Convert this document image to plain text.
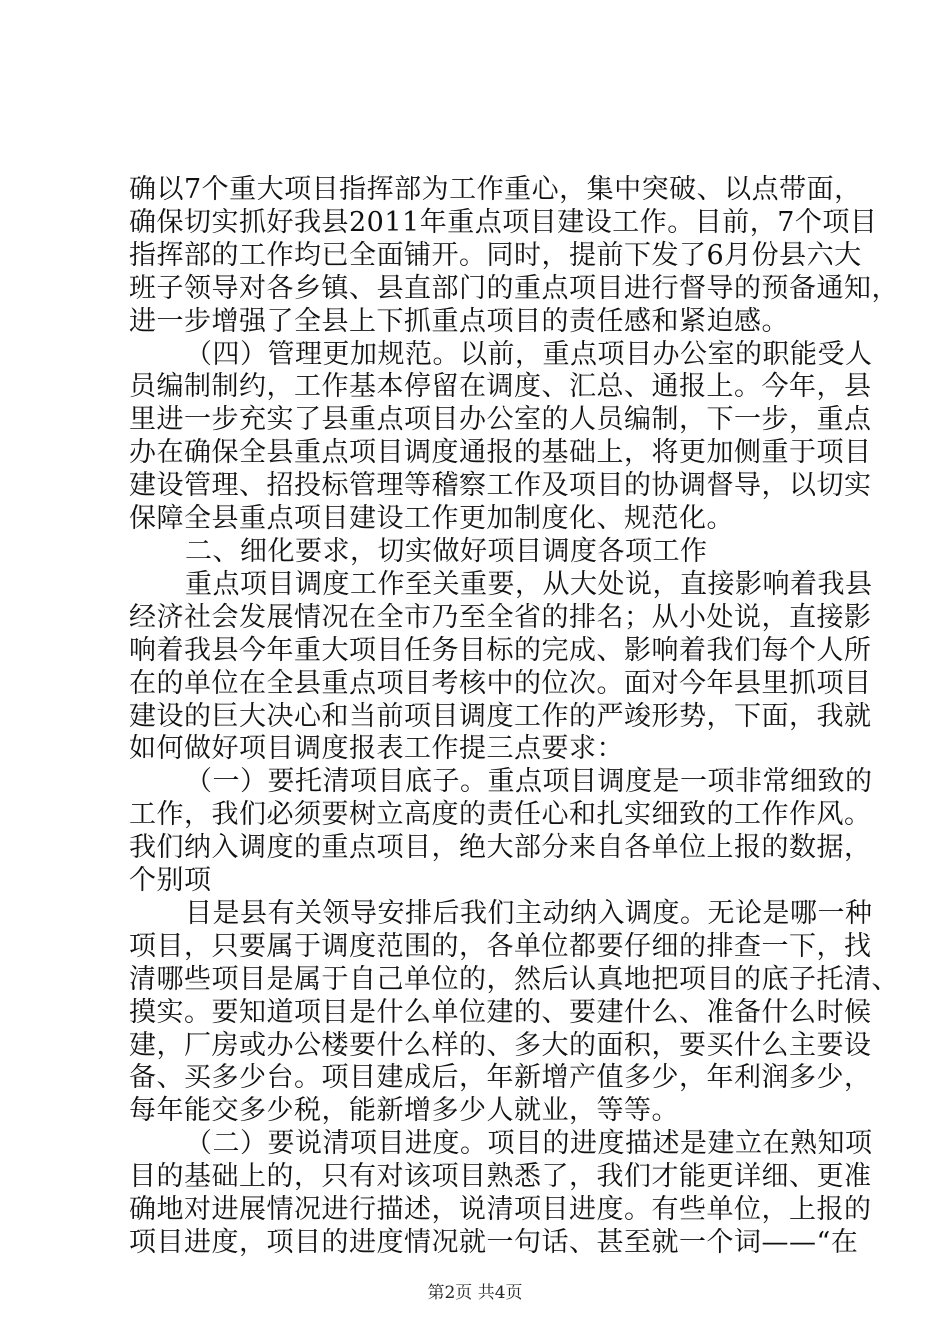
确以7个重大项目指挥部为工作重心，集中突破、以点带面，
确保切实抓好我县2011年重点项目建设工作。目前，7个项目
指挥部的工作均已全面铺开。同时，提前下发了6月份县六大
班子领导对各乡镇、县直部门的重点项目进行督导的预备通知，
进一步增强了全县上下抓重点项目的责任感和紧迫感。
（四）管理更加规范。以前，重点项目办公室的职能受人
员编制制约，工作基本停留在调度、汇总、通报上。今年，县
里进一步充实了县重点项目办公室的人员编制，下一步，重点
办在确保全县重点项目调度通报的基础上，将更加侧重于项目
建设管理、招投标管理等稽察工作及项目的协调督导，以切实
保障全县重点项目建设工作更加制度化、规范化。
二、细化要求，切实做好项目调度各项工作
重点项目调度工作至关重要，从大处说，直接影响着我县
经济社会发展情况在全市乃至全省的排名；从小处说，直接影
响着我县今年重大项目任务目标的完成、影响着我们每个人所
在的单位在全县重点项目考核中的位次。面对今年县里抓项目
建设的巨大决心和当前项目调度工作的严竣形势，下面，我就
如何做好项目调度报表工作提三点要求：
（一）要托清项目底子。重点项目调度是一项非常细致的
工作，我们必须要树立高度的责任心和扎实细致的工作作风。
我们纳入调度的重点项目，绝大部分来自各单位上报的数据，
个别项
目是县有关领导安排后我们主动纳入调度。无论是哪一种
项目，只要属于调度范围的，各单位都要仔细的排查一下，找
清哪些项目是属于自己单位的，然后认真地把项目的底子托清、
摸实。要知道项目是什么单位建的、要建什么、准备什么时候
建，厂房或办公楼要什么样的、多大的面积，要买什么主要设
备、买多少台。项目建成后，年新增产值多少，年利润多少，
每年能交多少税，能新增多少人就业，等等。
（二）要说清项目进度。项目的进度描述是建立在熟知项
目的基础上的，只有对该项目熟悉了，我们才能更详细、更准
确地对进展情况进行描述，说清项目进度。有些单位，上报的
项目进度，项目的进度情况就一句话、甚至就一个词——“在
第2页 共4页
